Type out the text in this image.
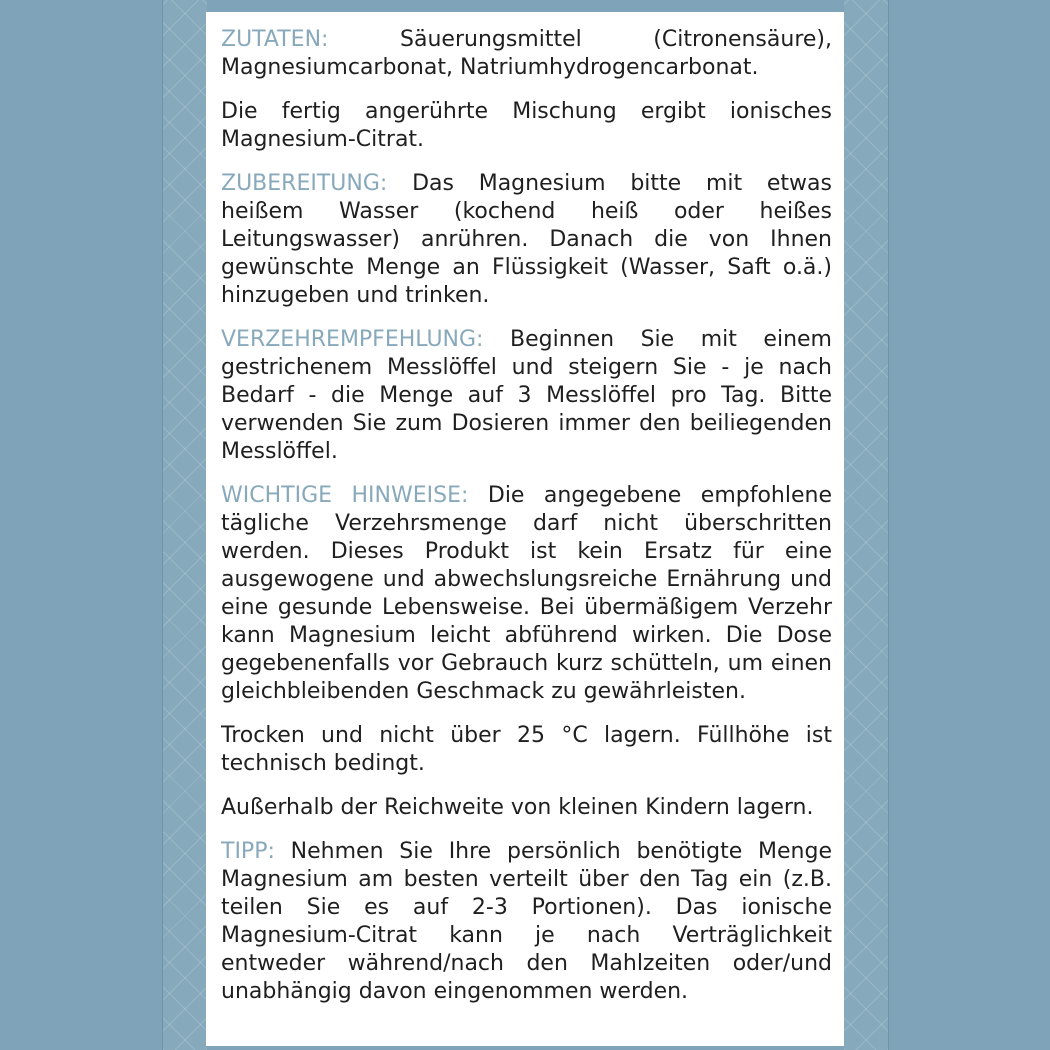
ZUTATEN: Säuerungsmittel (Citronensäure), Magnesiumcarbonat, Natriumhydrogencarbonat.

Die fertig angerührte Mischung ergibt ionisches Magnesium-Citrat.

ZUBEREITUNG: Das Magnesium bitte mit etwas heißem Wasser (kochend heiß oder heißes Leitungswasser) anrühren. Danach die von Ihnen gewünschte Menge an Flüssigkeit (Wasser, Saft o.ä.) hinzugeben und trinken.

VERZEHREMPFEHLUNG: Beginnen Sie mit einem gestrichenem Messlöffel und steigern Sie - je nach Bedarf - die Menge auf 3 Messlöffel pro Tag. Bitte verwenden Sie zum Dosieren immer den beiliegenden Messlöffel.

WICHTIGE HINWEISE: Die angegebene empfohlene tägliche Verzehrsmenge darf nicht überschritten werden. Dieses Produkt ist kein Ersatz für eine ausgewogene und abwechslungsreiche Ernährung und eine gesunde Lebensweise. Bei übermäßigem Verzehr kann Magnesium leicht abführend wirken. Die Dose gegebenenfalls vor Gebrauch kurz schütteln, um einen gleichbleibenden Geschmack zu gewährleisten.

Trocken und nicht über 25 °C lagern. Füllhöhe ist technisch bedingt.

Außerhalb der Reichweite von kleinen Kindern lagern.

TIPP: Nehmen Sie Ihre persönlich benötigte Menge Magnesium am besten verteilt über den Tag ein (z.B. teilen Sie es auf 2-3 Portionen). Das ionische Magnesium-Citrat kann je nach Verträglichkeit entweder während/nach den Mahlzeiten oder/und unabhängig davon eingenommen werden.
